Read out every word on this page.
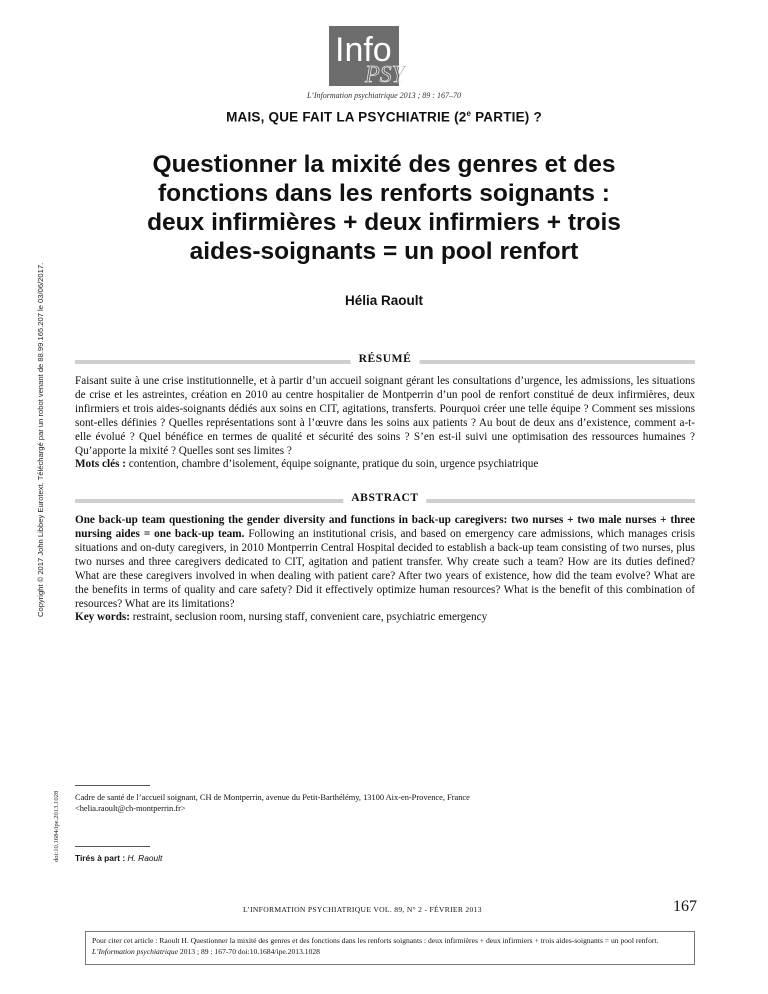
Info
PSY
L’Information psychiatrique 2013 ; 89 : 167–70
MAIS, QUE FAIT LA PSYCHIATRIE (2e PARTIE) ?
Questionner la mixité des genres et des
fonctions dans les renforts soignants :
deux infirmières + deux infirmiers + trois
aides-soignants = un pool renfort
Hélia Raoult
RÉSUMÉ
Faisant suite à une crise institutionnelle, et à partir d’un accueil soignant gérant les consultations d’urgence, les admissions, les situations de crise et les astreintes, création en 2010 au centre hospitalier de Montperrin d’un pool de renfort constitué de deux infirmières, deux infirmiers et trois aides-soignants dédiés aux soins en CIT, agitations, transferts. Pourquoi créer une telle équipe ? Comment ses missions sont-elles définies ? Quelles représentations sont à l’œuvre dans les soins aux patients ? Au bout de deux ans d’existence, comment a-t-elle évolué ? Quel bénéfice en termes de qualité et sécurité des soins ? S’en est-il suivi une optimisation des ressources humaines ? Qu’apporte la mixité ? Quelles sont ses limites ?
Mots clés : contention, chambre d’isolement, équipe soignante, pratique du soin, urgence psychiatrique
ABSTRACT
One back-up team questioning the gender diversity and functions in back-up caregivers: two nurses + two male nurses + three nursing aides = one back-up team. Following an institutional crisis, and based on emergency care admissions, which manages crisis situations and on-duty caregivers, in 2010 Montperrin Central Hospital decided to establish a back-up team consisting of two nurses, plus two nurses and three caregivers dedicated to CIT, agitation and patient transfer. Why create such a team? How are its duties defined? What are these caregivers involved in when dealing with patient care? After two years of existence, how did the team evolve? What are the benefits in terms of quality and care safety? Did it effectively optimize human resources? What is the benefit of this combination of resources? What are its limitations?
Key words: restraint, seclusion room, nursing staff, convenient care, psychiatric emergency
Copyright © 2017 John Libbey Eurotext. Téléchargé par un robot venant de 88.99.165.207 le 03/06/2017.
doi:10.1684/ipe.2013.1028 Cadre de santé de l’accueil soignant, CH de Montperrin, avenue du Petit-Barthélémy, 13100 Aix-en-Provence, France
<helia.raoult@ch-montperrin.fr>
Tirés à part : H. Raoult
L’INFORMATION PSYCHIATRIQUE VOL. 89, N° 2 - FÉVRIER 2013	167
Pour citer cet article : Raoult H. Questionner la mixité des genres et des fonctions dans les renforts soignants : deux infirmières + deux infirmiers + trois aides-soignants = un pool renfort. L’Information psychiatrique 2013 ; 89 : 167-70 doi:10.1684/ipe.2013.1028
